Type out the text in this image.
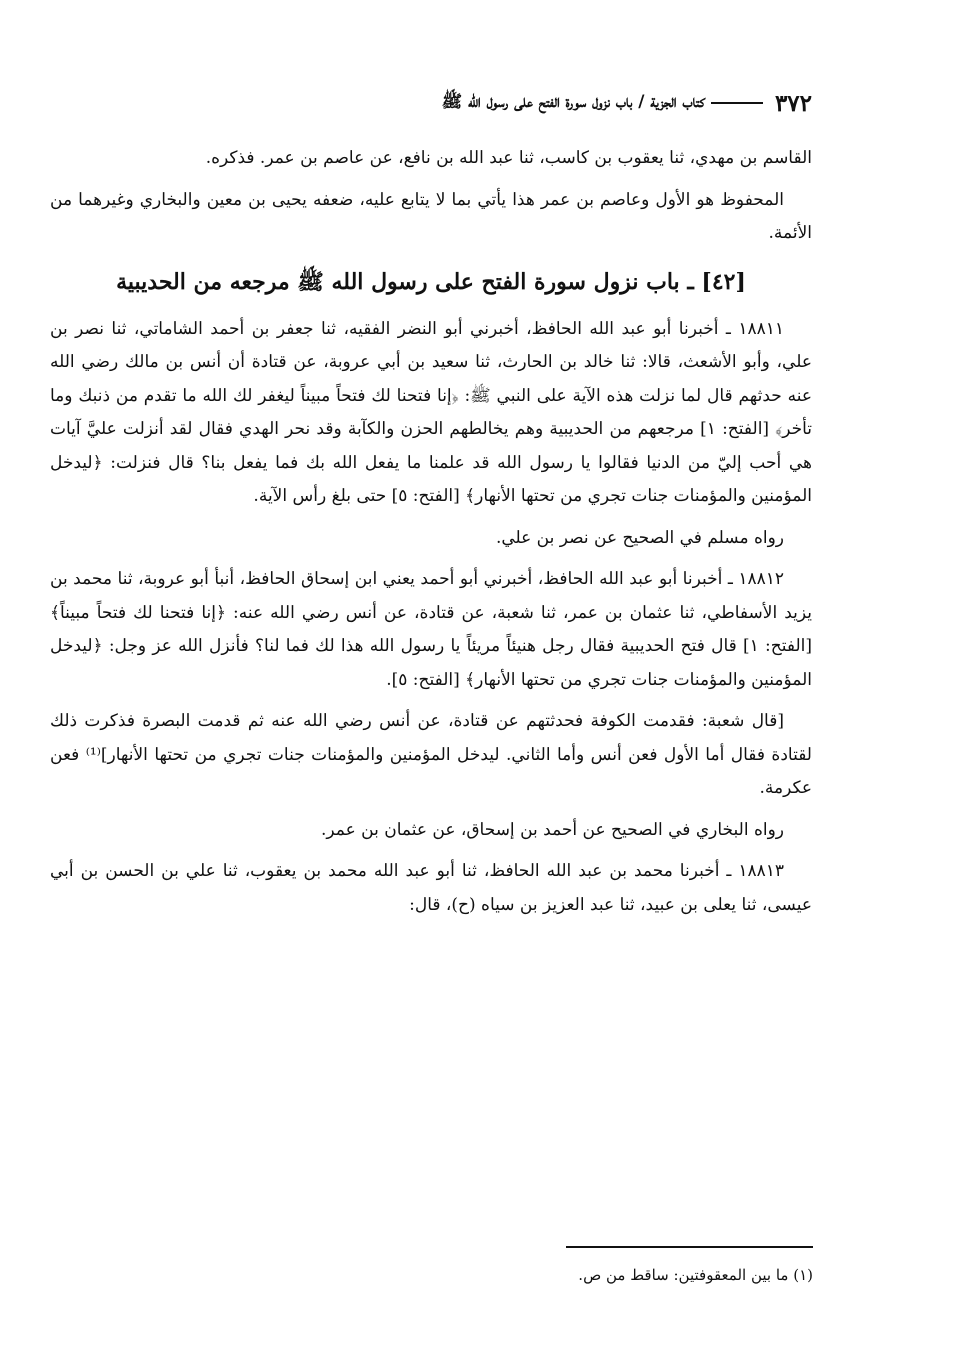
٣٧٢
كتاب الجزية / باب نزول سورة الفتح على رسول الله ﷺ

القاسم بن مهدي، ثنا يعقوب بن كاسب، ثنا عبد الله بن نافع، عن عاصم بن عمر. فذكره.

المحفوظ هو الأول وعاصم بن عمر هذا يأتي بما لا يتابع عليه، ضعفه يحيى بن معين والبخاري وغيرهما من الأئمة.

[٤٢] ـ باب نزول سورة الفتح على رسول الله ﷺ مرجعه من الحديبية

١٨٨١١ ـ أخبرنا أبو عبد الله الحافظ، أخبرني أبو النضر الفقيه، ثنا جعفر بن أحمد الشاماتي، ثنا نصر بن علي، وأبو الأشعث، قالا: ثنا خالد بن الحارث، ثنا سعيد بن أبي عروبة، عن قتادة أن أنس بن مالك رضي الله عنه حدثهم قال لما نزلت هذه الآية على النبي ﷺ: ﴿إنا فتحنا لك فتحاً مبيناً ليغفر لك الله ما تقدم من ذنبك وما تأخر﴾ [الفتح: ١] مرجعهم من الحديبية وهم يخالطهم الحزن والكآبة وقد نحر الهدي فقال لقد أنزلت عليَّ آيات هي أحب إليّ من الدنيا فقالوا يا رسول الله قد علمنا ما يفعل الله بك فما يفعل بنا؟ قال فنزلت: ﴿ليدخل المؤمنين والمؤمنات جنات تجري من تحتها الأنهار﴾ [الفتح: ٥] حتى بلغ رأس الآية.

رواه مسلم في الصحيح عن نصر بن علي.

١٨٨١٢ ـ أخبرنا أبو عبد الله الحافظ، أخبرني أبو أحمد يعني ابن إسحاق الحافظ، أنبأ أبو عروبة، ثنا محمد بن يزيد الأسفاطي، ثنا عثمان بن عمر، ثنا شعبة، عن قتادة، عن أنس رضي الله عنه: ﴿إنا فتحنا لك فتحاً مبيناً﴾ [الفتح: ١] قال فتح الحديبية فقال رجل هنيئاً مريئاً يا رسول الله هذا لك فما لنا؟ فأنزل الله عز وجل: ﴿ليدخل المؤمنين والمؤمنات جنات تجري من تحتها الأنهار﴾ [الفتح: ٥].

[قال شعبة: فقدمت الكوفة فحدثتهم عن قتادة، عن أنس رضي الله عنه ثم قدمت البصرة فذكرت ذلك لقتادة فقال أما الأول فعن أنس وأما الثاني. ليدخل المؤمنين والمؤمنات جنات تجري من تحتها الأنهار]⁽¹⁾ فعن عكرمة.

رواه البخاري في الصحيح عن أحمد بن إسحاق، عن عثمان بن عمر.

١٨٨١٣ ـ أخبرنا محمد بن عبد الله الحافظ، ثنا أبو عبد الله محمد بن يعقوب، ثنا علي بن الحسن بن أبي عيسى، ثنا يعلى بن عبيد، ثنا عبد العزيز بن سياه (ح)، قال:

(١) ما بين المعقوفتين: ساقط من ص.
